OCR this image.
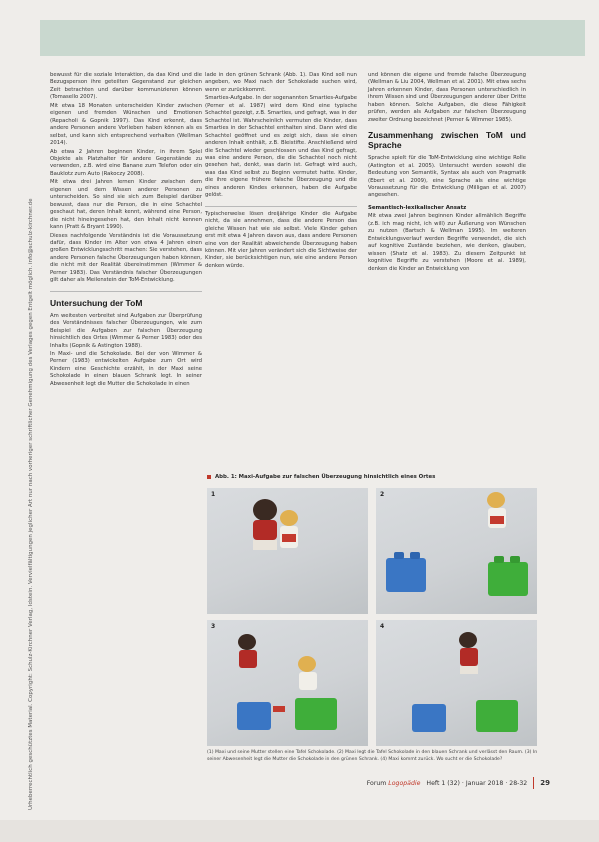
Urheberrechtlich geschütztes Material. Copyright: Schulz-Kirchner Verlag, Idstein. Vervielfältigungen jeglicher Art nur nach vorheriger schriftlicher Genehmigung des Verlages gegen Entgelt möglich. info@schulz-kirchner.de

bewusst für die soziale Interaktion, da das Kind und die Bezugsperson ihre geteilten Gegenstand zur gleichen Zeit betrachten und darüber kommunizieren können (Tomasello 2007).

Mit etwa 18 Monaten unterscheiden Kinder zwischen eigenen und fremden Wünschen und Emotionen (Repacholi & Gopnik 1997). Das Kind erkennt, dass andere Personen andere Vorlieben haben können als es selbst, und kann sich entsprechend verhalten (Wellman 2014).

Ab etwa 2 Jahren beginnen Kinder, in ihrem Spiel Objekte als Platzhalter für andere Gegenstände zu verwenden, z.B. wird eine Banane zum Telefon oder ein Bauklotz zum Auto (Rakoczy 2008).

Mit etwa drei Jahren lernen Kinder zwischen dem eigenen und dem Wissen anderer Personen zu unterscheiden. So sind sie sich zum Beispiel darüber bewusst, dass nur die Person, die in eine Schachtel geschaut hat, deren Inhalt kennt, während eine Person, die nicht hineingesehen hat, den Inhalt nicht kennen kann (Pratt & Bryant 1990).

Dieses nachfolgende Verständnis ist die Voraussetzung dafür, dass Kinder im Alter von etwa 4 Jahren einen großen Entwicklungsschritt machen: Sie verstehen, dass andere Personen falsche Überzeugungen haben können, die nicht mit der Realität übereinstimmen (Wimmer & Perner 1983). Das Verständnis falscher Überzeugungen gilt daher als Meilenstein der ToM-Entwicklung.

Untersuchung der ToM

Am weitesten verbreitet sind Aufgaben zur Überprüfung des Verständnisses falscher Überzeugungen, wie zum Beispiel die Aufgaben zur falschen Überzeugung hinsichtlich des Ortes (Wimmer & Perner 1983) oder des Inhalts (Gopnik & Astington 1988).

In Maxi- und die Schokolade. Bei der von Wimmer & Perner (1983) entwickelten Aufgabe zum Ort wird Kindern eine Geschichte erzählt, in der Maxi seine Schokolade in einen blauen Schrank legt. In seiner Abwesenheit legt die Mutter die Schokolade in einen

lade in den grünen Schrank (Abb. 1). Das Kind soll nun angeben, wo Maxi nach der Schokolade suchen wird, wenn er zurückkommt.

Smarties-Aufgabe. In der sogenannten Smarties-Aufgabe (Perner et al. 1987) wird dem Kind eine typische Schachtel gezeigt, z.B. Smarties, und gefragt, was in der Schachtel ist. Wahrscheinlich vermuten die Kinder, dass Smarties in der Schachtel enthalten sind. Dann wird die Schachtel geöffnet und es zeigt sich, dass sie einen anderen Inhalt enthält, z.B. Bleistifte. Anschließend wird die Schachtel wieder geschlossen und das Kind gefragt, was eine andere Person, die die Schachtel noch nicht gesehen hat, denkt, was darin ist. Gefragt wird auch, was das Kind selbst zu Beginn vermutet hatte. Kinder, die ihre eigene frühere falsche Überzeugung und die eines anderen Kindes erkennen, haben die Aufgabe gelöst.

Typischerweise lösen dreijährige Kinder die Aufgabe nicht, da sie annehmen, dass die andere Person das gleiche Wissen hat wie sie selbst. Viele Kinder gehen erst mit etwa 4 Jahren davon aus, dass andere Personen eine von der Realität abweichende Überzeugung haben können. Mit vier Jahren verändert sich die Sichtweise der Kinder, sie berücksichtigen nun, wie eine andere Person denken würde.

und können die eigene und fremde falsche Überzeugung (Wellman & Liu 2004, Wellman et al. 2001). Mit etwa sechs Jahren erkennen Kinder, dass Personen unterschiedlich in ihrem Wissen sind und Überzeugungen anderer über Dritte haben können. Solche Aufgaben, die diese Fähigkeit prüfen, werden als Aufgaben zur falschen Überzeugung zweiter Ordnung bezeichnet (Perner & Wimmer 1985).

Zusammenhang zwischen ToM und Sprache

Sprache spielt für die ToM-Entwicklung eine wichtige Rolle (Astington et al. 2005). Untersucht werden sowohl die Bedeutung von Semantik, Syntax als auch von Pragmatik (Ebert et al. 2009), eine Sprache als eine wichtige Voraussetzung für die Entwicklung (Milligan et al. 2007) angesehen.

Semantisch-lexikalischer Ansatz

Mit etwa zwei Jahren beginnen Kinder allmählich Begriffe (z.B. ich mag nicht, ich will) zur Äußerung von Wünschen zu nutzen (Bartsch & Wellman 1995). Im weiteren Entwicklungsverlauf werden Begriffe verwendet, die sich auf kognitive Zustände beziehen, wie denken, glauben, wissen (Shatz et al. 1983). Zu diesem Zeitpunkt ist kognitive Begriffe zu verstehen (Moore et al. 1989), denken die Kinder an Entwicklung von

Abb. 1: Maxi-Aufgabe zur falschen Überzeugung hinsichtlich eines Ortes
1	2
3	4
(1) Maxi und seine Mutter stellen eine Tafel Schokolade. (2) Maxi legt die Tafel Schokolade in den blauen Schrank und verlässt den Raum. (3) In seiner Abwesenheit legt die Mutter die Schokolade in den grünen Schrank. (4) Maxi kommt zurück. Wo sucht er die Schokolade?
Forum Logopädie Heft 1 (32) · Januar 2018 · 28-32 29
